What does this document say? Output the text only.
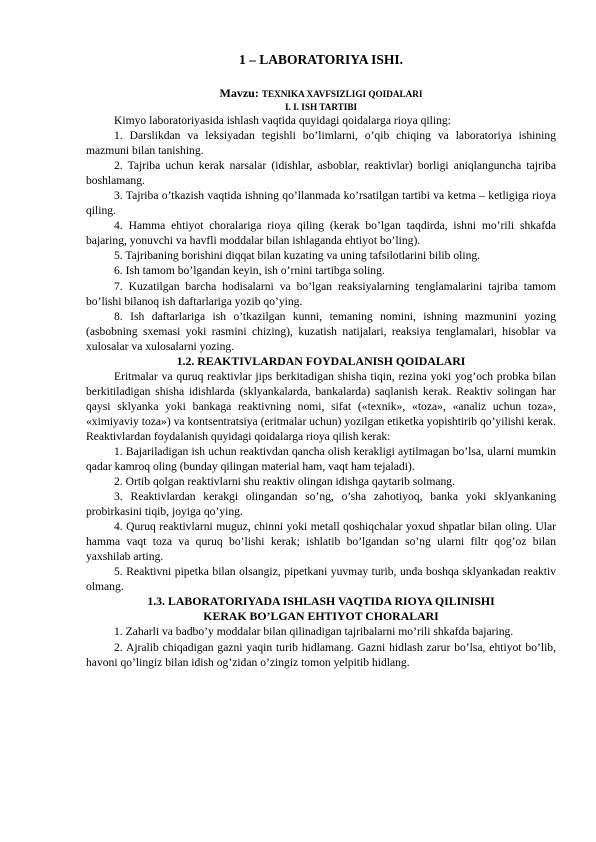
1 – LABORATORIYA ISHI.
Mavzu: TEXNIKA XAVFSIZLIGI QOIDALARI
I. I. ISH TARTIBI

Kimyo laboratoriyasida ishlash vaqtida quyidagi qoidalarga rioya qiling:

1. Darslikdan va leksiyadan tegishli bo’limlarni, o’qib chiqing va laboratoriya ishining mazmuni bilan tanishing.

2. Tajriba uchun kerak narsalar (idishlar, asboblar, reaktivlar) borligi aniqlanguncha tajriba boshlamang.

3. Tajriba o’tkazish vaqtida ishning qo’llanmada ko’rsatilgan tartibi va ketma – ketligiga rioya qiling.

4. Hamma ehtiyot choralariga rioya qiling (kerak bo’lgan taqdirda, ishni mo’rili shkafda bajaring, yonuvchi va havfli moddalar bilan ishlaganda ehtiyot bo’ling).

5. Tajribaning borishini diqqat bilan kuzating va uning tafsilotlarini bilib oling.

6. Ish tamom bo’lgandan keyin, ish o’rnini tartibga soling.

7. Kuzatilgan barcha hodisalarni va bo’lgan reaksiyalarning tenglamalarini tajriba tamom bo’lishi bilanoq ish daftarlariga yozib qo’ying.

8. Ish daftarlariga ish o’tkazilgan kunni, temaning nomini, ishning mazmunini yozing (asbobning sxemasi yoki rasmini chizing), kuzatish natijalari, reaksiya tenglamalari, hisoblar va xulosalar va xulosalarni yozing.

1.2. REAKTIVLARDAN FOYDALANISH QOIDALARI

Eritmalar va quruq reaktivlar jips berkitadigan shisha tiqin, rezina yoki yog’och probka bilan berkitiladigan shisha idishlarda (sklyankalarda, bankalarda) saqlanish kerak. Reaktiv solingan har qaysi sklyanka yoki bankaga reaktivning nomi, sifat («texnik», «toza», «analiz uchun toza», «ximiyaviy toza») va kontsentratsiya (eritmalar uchun) yozilgan etiketka yopishtirib qo’yilishi kerak. Reaktivlardan foydalanish quyidagi qoidalarga rioya qilish kerak:

1. Bajariladigan ish uchun reaktivdan qancha olish kerakligi aytilmagan bo’lsa, ularni mumkin qadar kamroq oling (bunday qilingan material ham, vaqt ham tejaladi).

2. Ortib qolgan reaktivlarni shu reaktiv olingan idishga qaytarib solmang.

3. Reaktivlardan kerakgi olingandan so’ng, o’sha zahotiyoq, banka yoki sklyankaning probirkasini tiqib, joyiga qo’ying.

4. Quruq reaktivlarni muguz, chinni yoki metall qoshiqchalar yoxud shpatlar bilan oling. Ular hamma vaqt toza va quruq bo’lishi kerak; ishlatib bo’lgandan so’ng ularni filtr qog’oz bilan yaxshilab arting.

5. Reaktivni pipetka bilan olsangiz, pipetkani yuvmay turib, unda boshqa sklyankadan reaktiv olmang.

1.3. LABORATORIYADA ISHLASH VAQTIDA RIOYA QILINISHI
KERAK BO’LGAN EHTIYOT CHORALARI

1. Zaharli va badbo’y moddalar bilan qilinadigan tajribalarni mo’rili shkafda bajaring.

2. Ajralib chiqadigan gazni yaqin turib hidlamang. Gazni hidlash zarur bo’lsa, ehtiyot bo’lib, havoni qo’lingiz bilan idish og’zidan o’zingiz tomon yelpitib hidlang.
